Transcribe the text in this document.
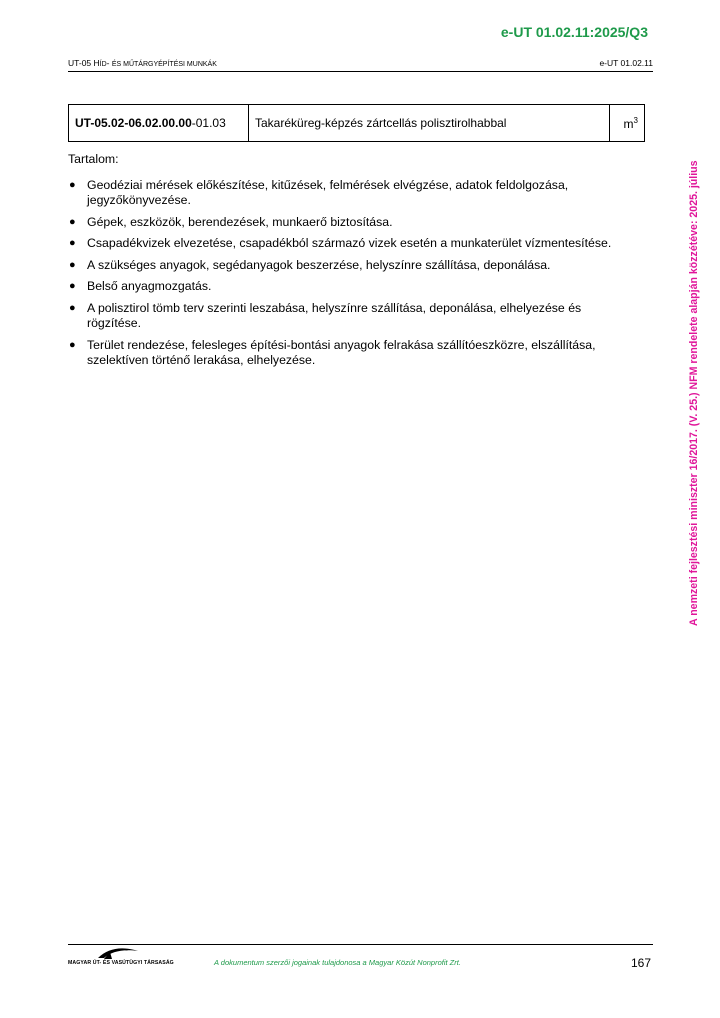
e-UT 01.02.11:2025/Q3
UT-05 HÍD- ÉS MŰTÁRGYÉPÍTÉSI MUNKÁK	e-UT 01.02.11
UT-05.02-06.02.00.00-01.03	Takaréküreg-képzés zártcellás polisztirolhabbal	$m^3$
Tartalom:
● Geodéziai mérések előkészítése, kitűzések, felmérések elvégzése, adatok feldolgozása, jegyzőkönyvezése.
● Gépek, eszközök, berendezések, munkaerő biztosítása.
● Csapadékvizek elvezetése, csapadékból származó vizek esetén a munkaterület vízmentesítése.
● A szükséges anyagok, segédanyagok beszerzése, helyszínre szállítása, deponálása.
● Belső anyagmozgatás.
● A polisztirol tömb terv szerinti leszabása, helyszínre szállítása, deponálása, elhelyezése és rögzítése.
● Terület rendezése, felesleges építési-bontási anyagok felrakása szállítóeszközre, elszállítása, szelektíven történő lerakása, elhelyezése.	A nemzeti fejlesztési miniszter 16/2017. (V. 25.) NFM rendelete alapján közzétéve: 2025. július
MAGYAR ÚT- ÉS VASÚTÜGYI TÁRSASÁG	A dokumentum szerzői jogainak tulajdonosa a Magyar Közút Nonprofit Zrt.	167
